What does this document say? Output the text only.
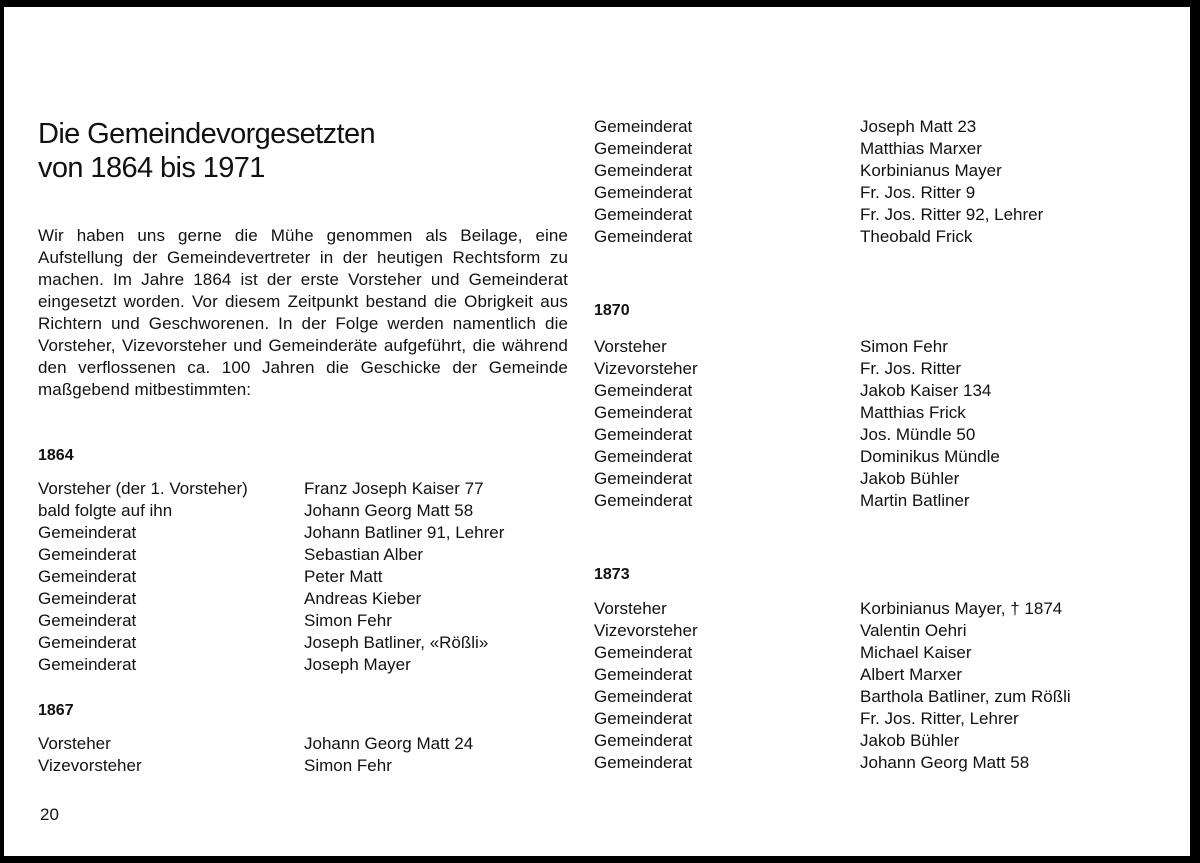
Die Gemeindevorgesetzten
von 1864 bis 1971

Wir haben uns gerne die Mühe genommen als Beilage, eine Aufstellung der Gemeindevertreter in der heutigen Rechtsform zu machen. Im Jahre 1864 ist der erste Vorsteher und Gemeinderat eingesetzt worden. Vor diesem Zeitpunkt bestand die Obrigkeit aus Richtern und Geschworenen. In der Folge werden namentlich die Vorsteher, Vizevorsteher und Gemeinderäte aufgeführt, die während den verflossenen ca. 100 Jahren die Geschicke der Gemeinde maßgebend mitbestimmten:

1864

Vorsteher (der 1. Vorsteher)	Franz Joseph Kaiser 77
bald folgte auf ihn	Johann Georg Matt 58
Gemeinderat	Johann Batliner 91, Lehrer
Gemeinderat	Sebastian Alber
Gemeinderat	Peter Matt
Gemeinderat	Andreas Kieber
Gemeinderat	Simon Fehr
Gemeinderat	Joseph Batliner, «Rößli»
Gemeinderat	Joseph Mayer

1867

Vorsteher	Johann Georg Matt 24
Vizevorsteher	Simon Fehr

20

Gemeinderat	Joseph Matt 23
Gemeinderat	Matthias Marxer
Gemeinderat	Korbinianus Mayer
Gemeinderat	Fr. Jos. Ritter 9
Gemeinderat	Fr. Jos. Ritter 92, Lehrer
Gemeinderat	Theobald Frick

1870

Vorsteher	Simon Fehr
Vizevorsteher	Fr. Jos. Ritter
Gemeinderat	Jakob Kaiser 134
Gemeinderat	Matthias Frick
Gemeinderat	Jos. Mündle 50
Gemeinderat	Dominikus Mündle
Gemeinderat	Jakob Bühler
Gemeinderat	Martin Batliner

1873

Vorsteher	Korbinianus Mayer, † 1874
Vizevorsteher	Valentin Oehri
Gemeinderat	Michael Kaiser
Gemeinderat	Albert Marxer
Gemeinderat	Barthola Batliner, zum Rößli
Gemeinderat	Fr. Jos. Ritter, Lehrer
Gemeinderat	Jakob Bühler
Gemeinderat	Johann Georg Matt 58
